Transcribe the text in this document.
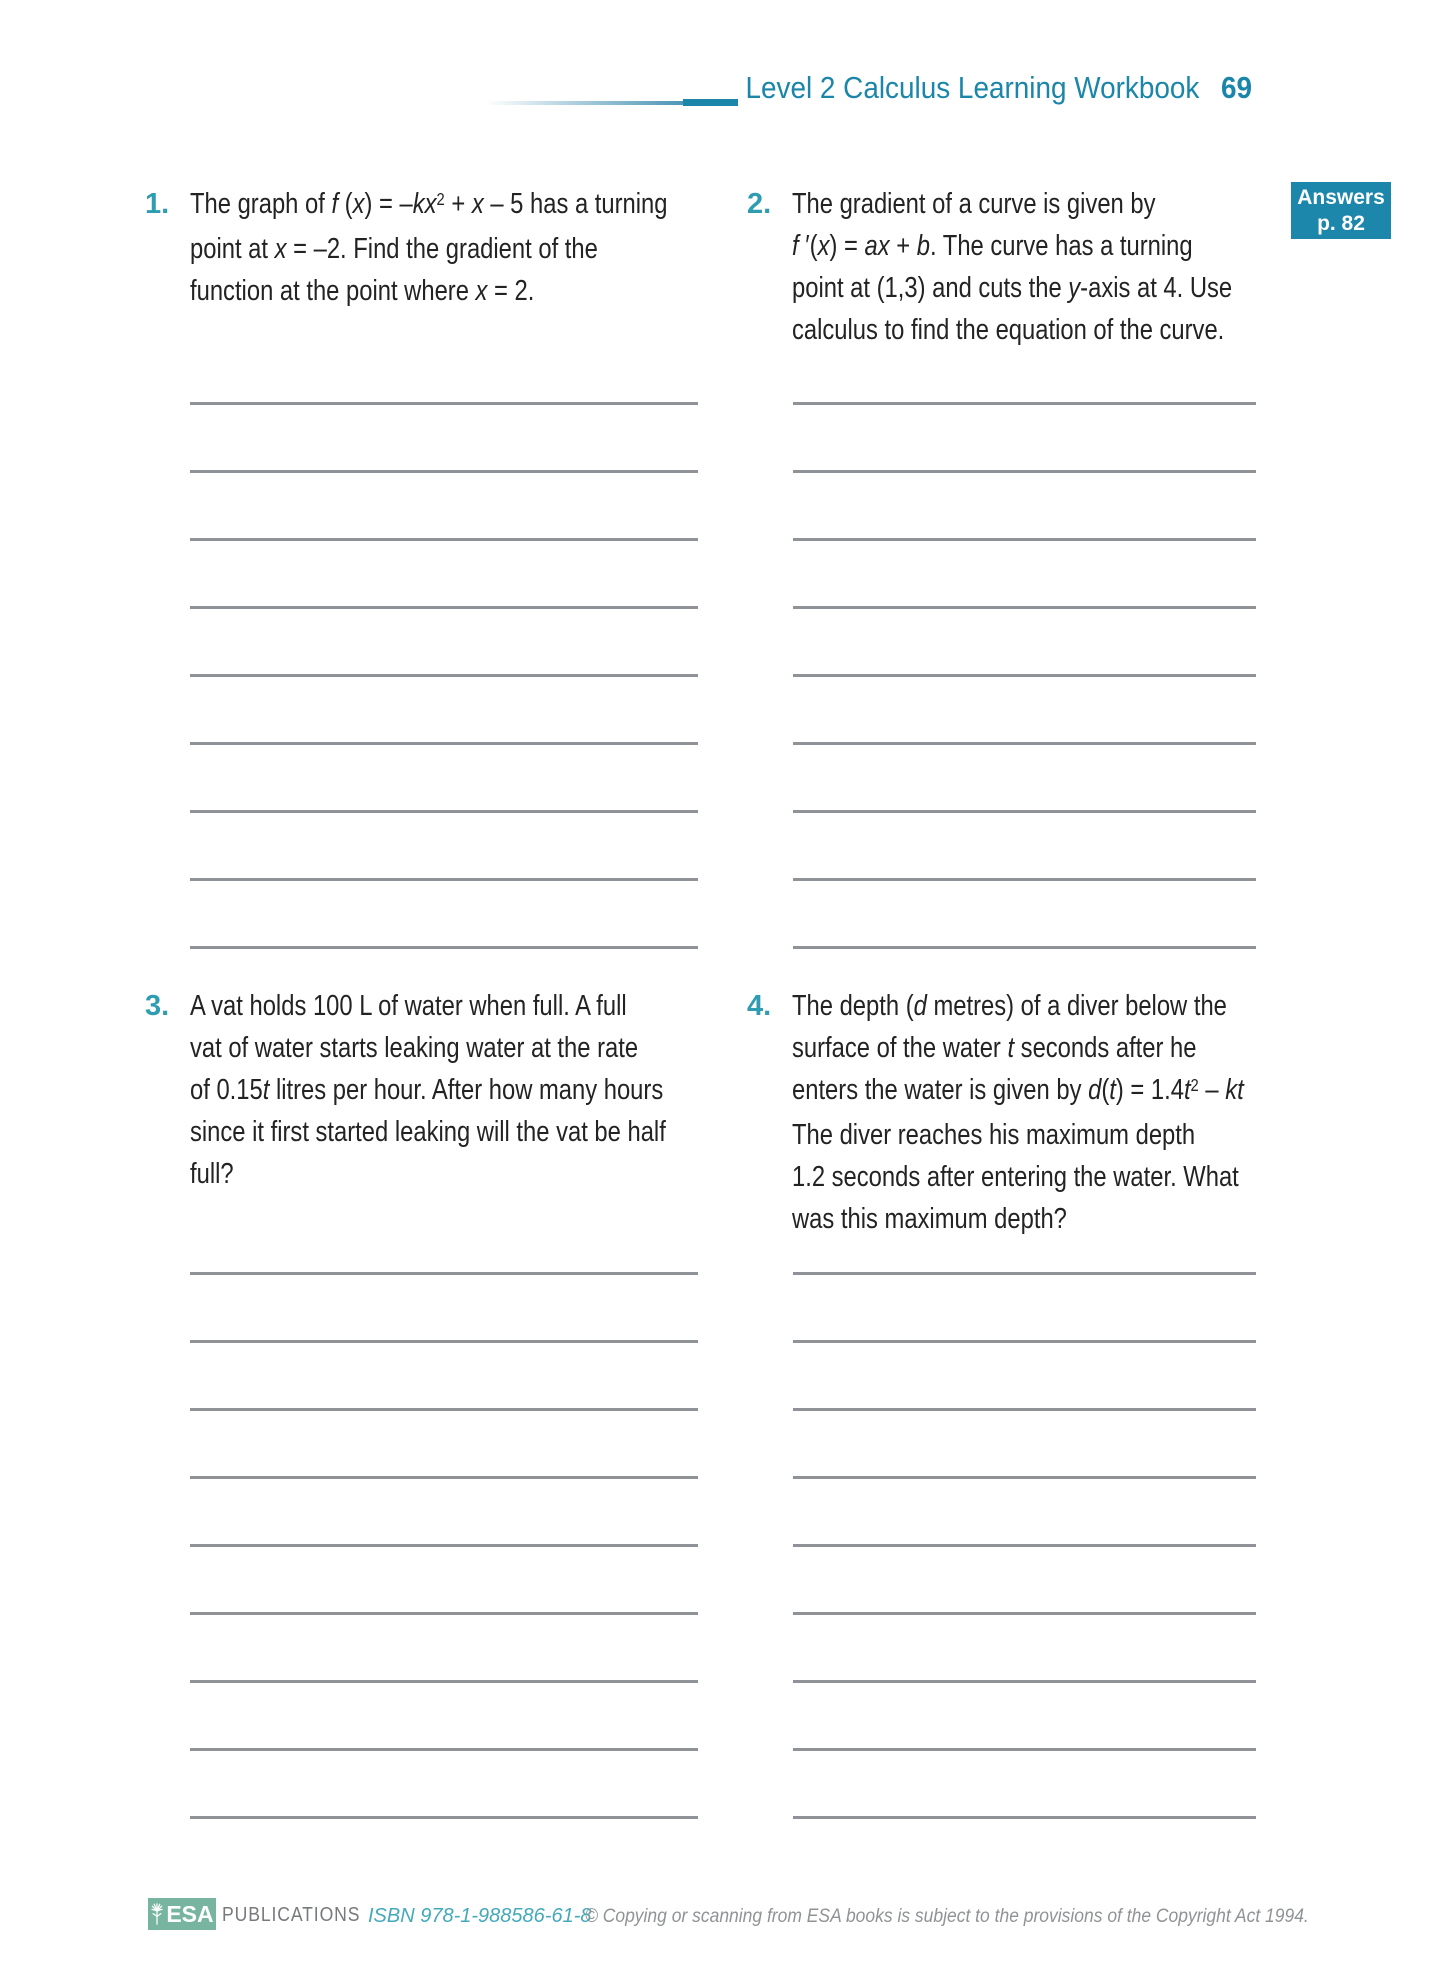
Level 2 Calculus Learning Workbook 69
Answers
p. 82
1. The graph of f $(x) = -kx^2 + x - 5$ has a turning
point at x = –2. Find the gradient of the
function at the point where x = 2.
2. The gradient of a curve is given by
f ′(x) = ax + b. The curve has a turning
point at (1,3) and cuts the y-axis at 4. Use
calculus to find the equation of the curve.
3. A vat holds 100 L of water when full. A full
vat of water starts leaking water at the rate
of 0.15t litres per hour. After how many hours
since it first started leaking will the vat be half
full?
4. The depth (d metres) of a diver below the
surface of the water t seconds after he
enters the water is given by $d(t) = 1.4t^2$ – kt
The diver reaches his maximum depth
1.2 seconds after entering the water. What
was this maximum depth?
ESA PUBLICATIONS ISBN 978-1-988586-61-8
© Copying or scanning from ESA books is subject to the provisions of the Copyright Act 1994.
